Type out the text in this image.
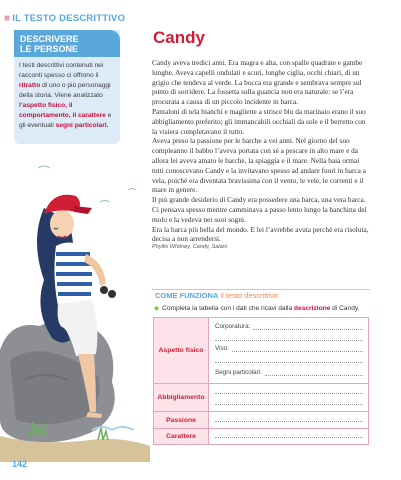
■ IL TESTO DESCRITTIVO
DESCRIVERE
LE PERSONE
I testi descrittivi contenuti nei racconti spesso ci offrono il ritratto di uno o più personaggi della storia. Viene analizzato l’aspetto fisico, il comportamento, il carattere e gli eventuali segni particolari.
142
Candy

Candy aveva tredici anni. Era magra e alta, con spalle quadrate e gambe lunghe. Aveva capelli ondulati e scuri, lunghe ciglia, occhi chiari, di un grigio che tendeva al verde. La bocca era grande e sembrava sempre sul punto di sorridere. La fossetta sulla guancia non era naturale: se l’era procurata a causa di un piccolo incidente in barca.

Pantaloni di tela bianchi e magliette a strisce blu da marinaio erano il suo abbigliamento preferito; gli immancabili occhiali da sole e il berretto con la visiera completavano il tutto.

Aveva preso la passione per le barche a vei anni. Nel giorno del suo compleanno il babbo l’aveva portata con sé a pescare in alto mare e da allora lei aveva amato le barche, la spiaggia e il mare. Nella baia ormai tutti conoscevano Candy e la invitavano spesso ad andare fuori in barca a vela, poiché era diventata bravissima con il vento, le vele, le correnti e il mare in genere.

Il più grande desiderio di Candy era possedere una barca, una vera barca. Ci pensava spesso mentre camminava a passo lento lungo la banchina del molo e la vedeva nei suoi sogni.

Era la barca più bella del mondo. E lei l’avrebbe avuta perché era risoluta, decisa a non arrendersi.

Phyllis Whitney, Candy, Salani
COME FUNZIONA il testo descrittivo
◆ Completa la tabella con i dati che ricavi dalla descrizione di Candy.
Aspetto fisico
Corporatura:
Viso:
Segni particolari:
Abbigliamento
Passione
Carattere
